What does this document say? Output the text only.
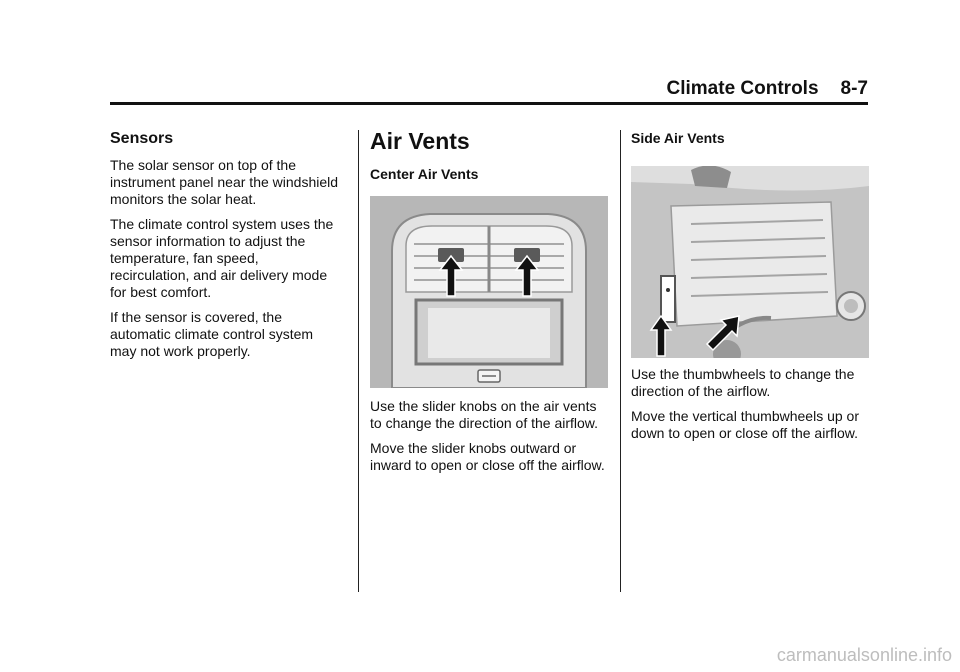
Climate Controls 8-7
Sensors

The solar sensor on top of the instrument panel near the windshield monitors the solar heat.

The climate control system uses the sensor information to adjust the temperature, fan speed, recirculation, and air delivery mode for best comfort.

If the sensor is covered, the automatic climate control system may not work properly.

Air Vents
Center Air Vents

Use the slider knobs on the air vents to change the direction of the airflow.

Move the slider knobs outward or inward to open or close off the airflow.

Side Air Vents

Use the thumbwheels to change the direction of the airflow.

Move the vertical thumbwheels up or down to open or close off the airflow.

carmanualsonline.info
